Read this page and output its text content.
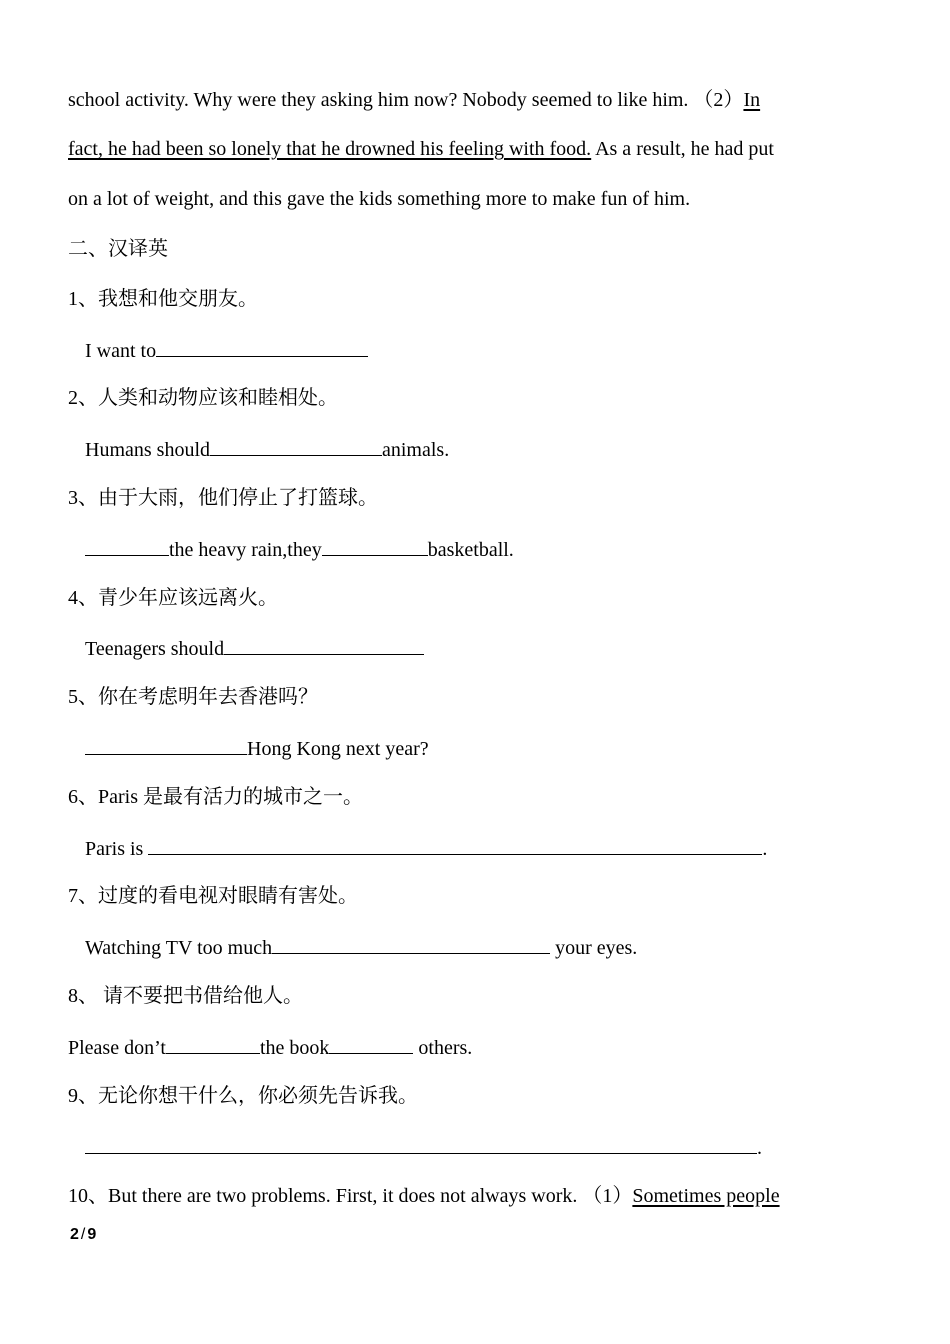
school activity. Why were they asking him now? Nobody seemed to like him. （2）In
fact, he had been so lonely that he drowned his feeling with food. As a result, he had put
on a lot of weight, and this gave the kids something more to make fun of him.
二、汉译英
1、我想和他交朋友。
I want to
2、人类和动物应该和睦相处。
Humans should	animals.
3、由于大雨，他们停止了打篮球。
the heavy rain,they	basketball.
4、青少年应该远离火。
Teenagers should
5、你在考虑明年去香港吗？
Hong Kong next year?
6、Paris 是最有活力的城市之一。
Paris is	.
7、过度的看电视对眼睛有害处。
Watching TV too much	your eyes.
8、 请不要把书借给他人。
Please don’t	the book	others.
9、无论你想干什么，你必须先告诉我。
.
10、But there are two problems. First, it does not always work. （1）Sometimes people
2 / 9
